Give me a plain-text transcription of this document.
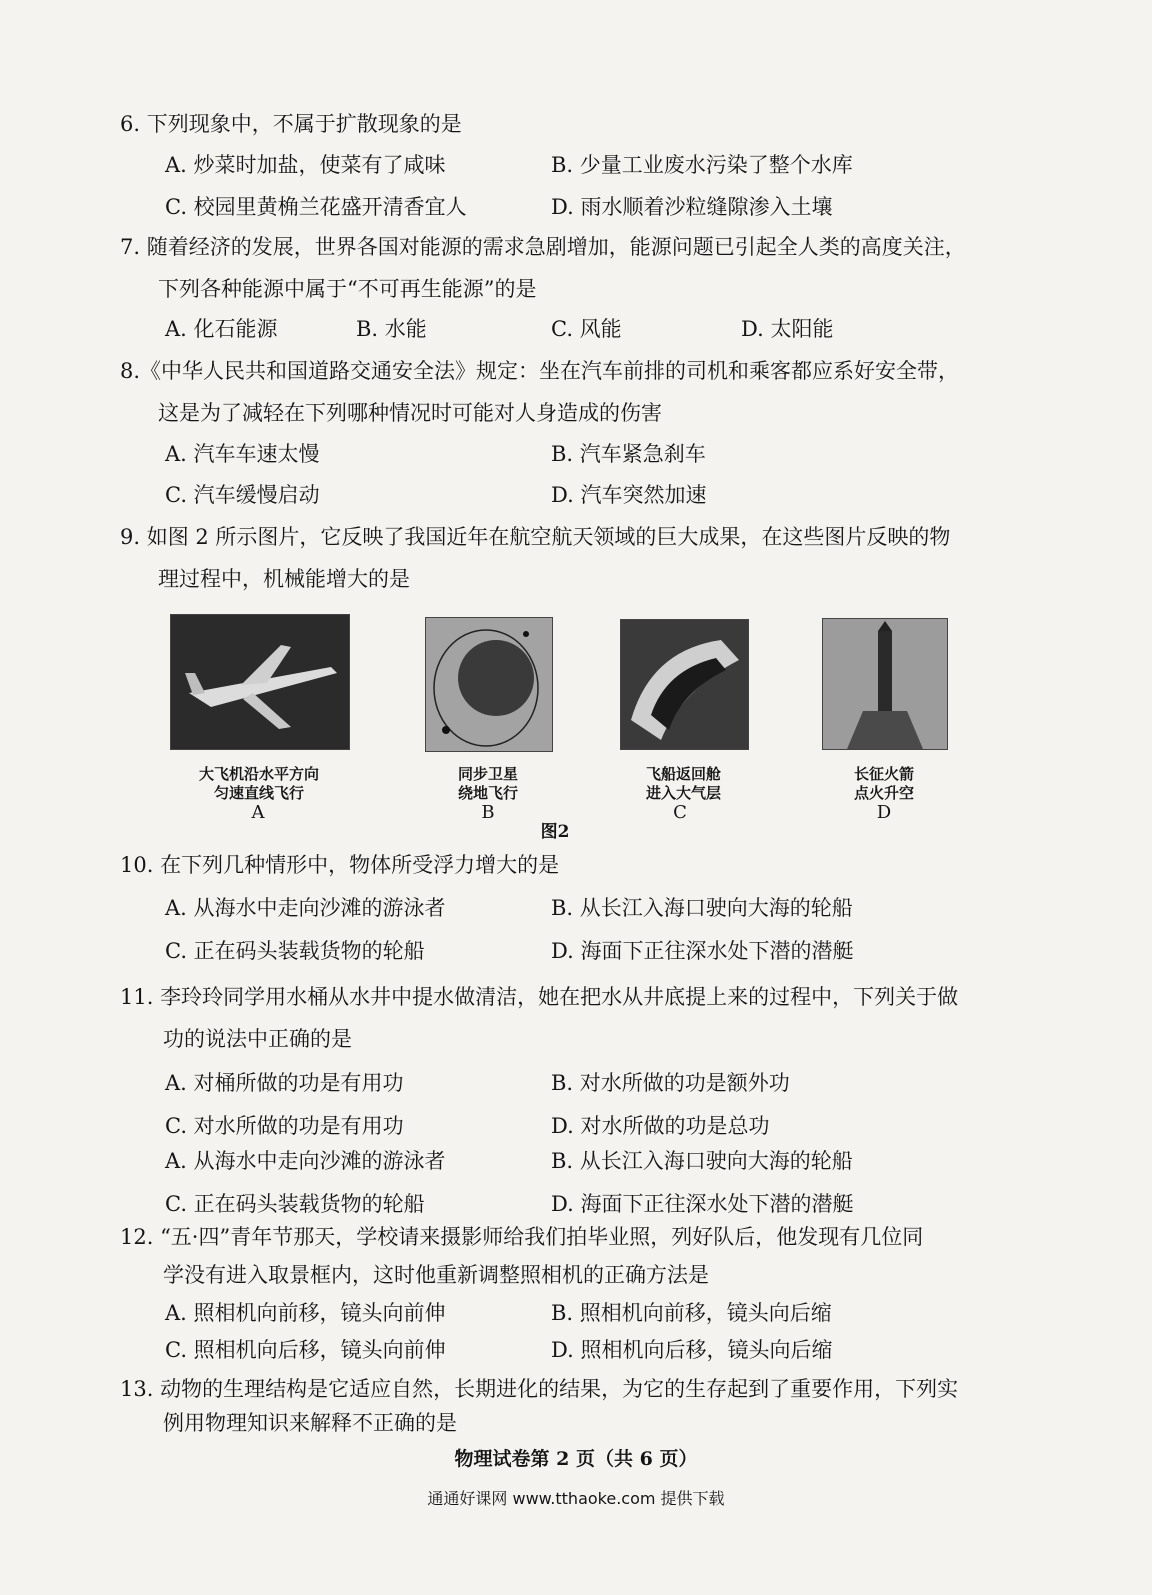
6. 下列现象中，不属于扩散现象的是
A. 炒菜时加盐，使菜有了咸味	B. 少量工业废水污染了整个水库
C. 校园里黄桷兰花盛开清香宜人	D. 雨水顺着沙粒缝隙渗入土壤
7. 随着经济的发展，世界各国对能源的需求急剧增加，能源问题已引起全人类的高度关注，
下列各种能源中属于“不可再生能源”的是
A. 化石能源	B. 水能	C. 风能	D. 太阳能
8.《中华人民共和国道路交通安全法》规定：坐在汽车前排的司机和乘客都应系好安全带，
这是为了减轻在下列哪种情况时可能对人身造成的伤害
A. 汽车车速太慢	B. 汽车紧急刹车
C. 汽车缓慢启动	D. 汽车突然加速
9. 如图 2 所示图片，它反映了我国近年在航空航天领域的巨大成果，在这些图片反映的物
理过程中，机械能增大的是
大飞机沿水平方向
匀速直线飞行
A
同步卫星
绕地飞行
B
飞船返回舱
进入大气层
C
长征火箭
点火升空
D
图2
10. 在下列几种情形中，物体所受浮力增大的是
A. 从海水中走向沙滩的游泳者	B. 从长江入海口驶向大海的轮船
C. 正在码头装载货物的轮船	D. 海面下正往深水处下潜的潜艇
11. 李玲玲同学用水桶从水井中提水做清洁，她在把水从井底提上来的过程中，下列关于做
功的说法中正确的是
A. 对桶所做的功是有用功	B. 对水所做的功是额外功
C. 对水所做的功是有用功	D. 对水所做的功是总功
A. 从海水中走向沙滩的游泳者	B. 从长江入海口驶向大海的轮船
C. 正在码头装载货物的轮船	D. 海面下正往深水处下潜的潜艇
12. “五·四”青年节那天，学校请来摄影师给我们拍毕业照，列好队后，他发现有几位同
学没有进入取景框内，这时他重新调整照相机的正确方法是
A. 照相机向前移，镜头向前伸	B. 照相机向前移，镜头向后缩
C. 照相机向后移，镜头向前伸	D. 照相机向后移，镜头向后缩
13. 动物的生理结构是它适应自然，长期进化的结果，为它的生存起到了重要作用，下列实
例用物理知识来解释不正确的是
物理试卷第 2 页（共 6 页）
通通好课网 www.tthaoke.com 提供下载
